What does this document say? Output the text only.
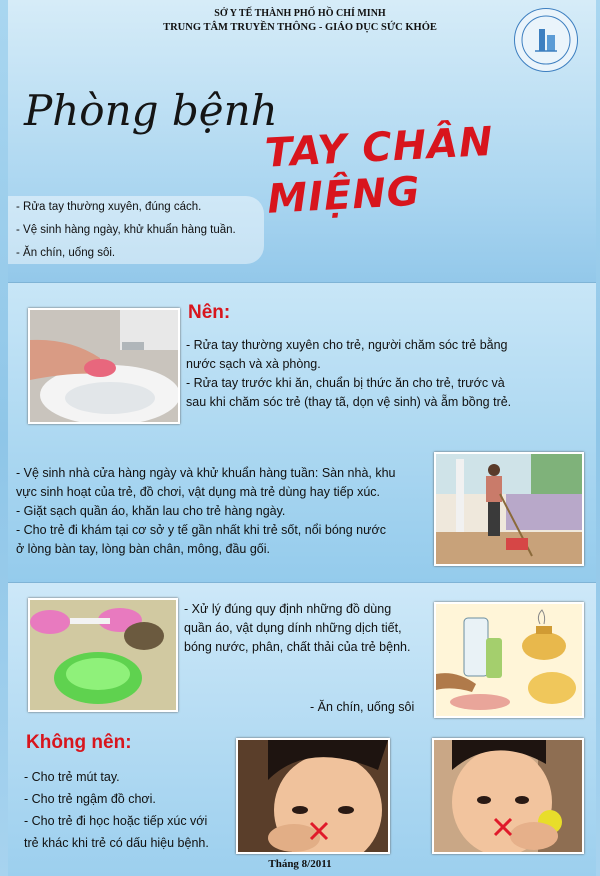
SỞ Y TẾ THÀNH PHỐ HỒ CHÍ MINH
TRUNG TÂM TRUYỀN THÔNG - GIÁO DỤC SỨC KHỎE
Phòng bệnh
TAY CHÂN MIỆNG
- Rửa tay thường xuyên, đúng cách.
- Vệ sinh hàng ngày, khử khuẩn hàng tuần.
- Ăn chín, uống sôi.
Nên:
- Rửa tay thường xuyên cho trẻ, người chăm sóc trẻ bằng
nước sạch và xà phòng.
- Rửa tay trước khi ăn, chuẩn bị thức ăn cho trẻ, trước và
sau khi chăm sóc trẻ (thay tã, dọn vệ sinh) và ẵm bồng trẻ.
- Vệ sinh nhà cửa hàng ngày và khử khuẩn hàng tuần: Sàn nhà, khu
vực sinh hoạt của trẻ, đồ chơi, vật dụng mà trẻ dùng hay tiếp xúc.
- Giặt sạch quần áo, khăn lau cho trẻ hàng ngày.
- Cho trẻ đi khám tại cơ sở y tế gần nhất khi trẻ sốt, nổi bóng nước
ở lòng bàn tay, lòng bàn chân, mông, đầu gối.
- Xử lý đúng quy định những đồ dùng
quần áo, vật dụng dính những dịch tiết,
bóng nước, phân, chất thải của trẻ bệnh.
- Ăn chín, uống sôi
Không nên:
- Cho trẻ mút tay.
- Cho trẻ ngậm đồ chơi.
- Cho trẻ đi học hoặc tiếp xúc với
trẻ khác khi trẻ có dấu hiệu bệnh.
Tháng 8/2011
